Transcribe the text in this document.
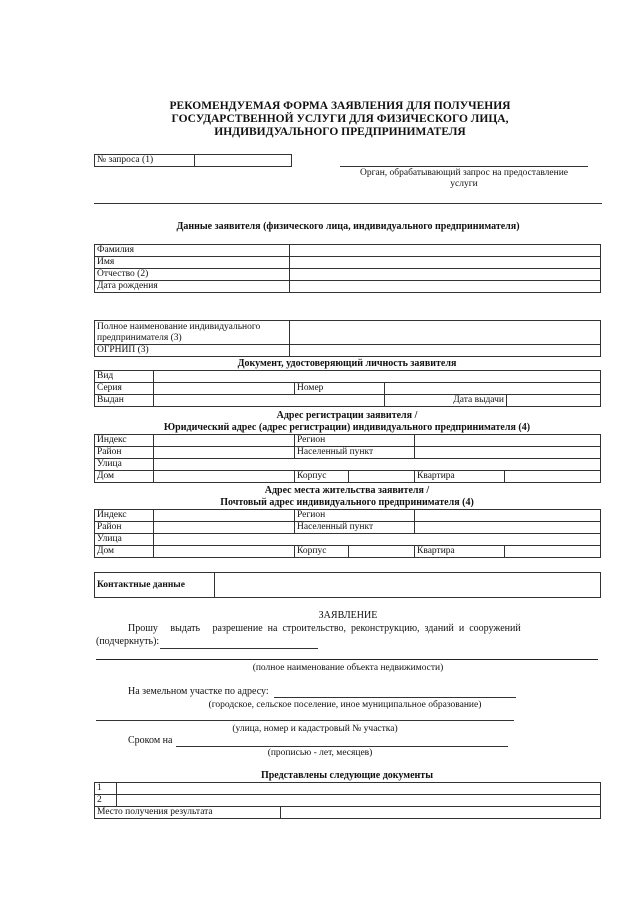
РЕКОМЕНДУЕМАЯ ФОРМА ЗАЯВЛЕНИЯ ДЛЯ ПОЛУЧЕНИЯ
ГОСУДАРСТВЕННОЙ УСЛУГИ ДЛЯ ФИЗИЧЕСКОГО ЛИЦА,
ИНДИВИДУАЛЬНОГО ПРЕДПРИНИМАТЕЛЯ
№ запроса (1)	
Орган, обрабатывающий запрос на предоставление
услуги
Данные заявителя (физического лица, индивидуального предпринимателя)
Фамилия	
Имя	
Отчество (2)	
Дата рождения	
Полное наименование индивидуального
предпринимателя (3)	

ОГРНИП (3)	
Документ, удостоверяющий личность заявителя
Вид				
Серия		Номер		
Выдан			Дата выдачи	
Адрес регистрации заявителя /
Юридический адрес (адрес регистрации) индивидуального предпринимателя (4)
Индекс		Регион			
Район		Населенный пункт			
Улица					
Дом		Корпус		Квартира	
Адрес места жительства заявителя /
Почтовый адрес индивидуального предпринимателя (4)
Индекс		Регион			
Район		Населенный пункт			
Улица					
Дом		Корпус		Квартира	
Контактные данные	
ЗАЯВЛЕНИЕ
Прошу     выдать     разрешение  на  строительство,  реконструкцию,  зданий  и  сооружений
(подчеркнуть):
(полное наименование объекта недвижимости)
На земельном участке по адресу:
(городское, сельское поселение, иное муниципальное образование)
(улица, номер и кадастровый № участка)
Сроком на
(прописью - лет, месяцев)
Представлены следующие документы
1		
2		
Место получения результата		
